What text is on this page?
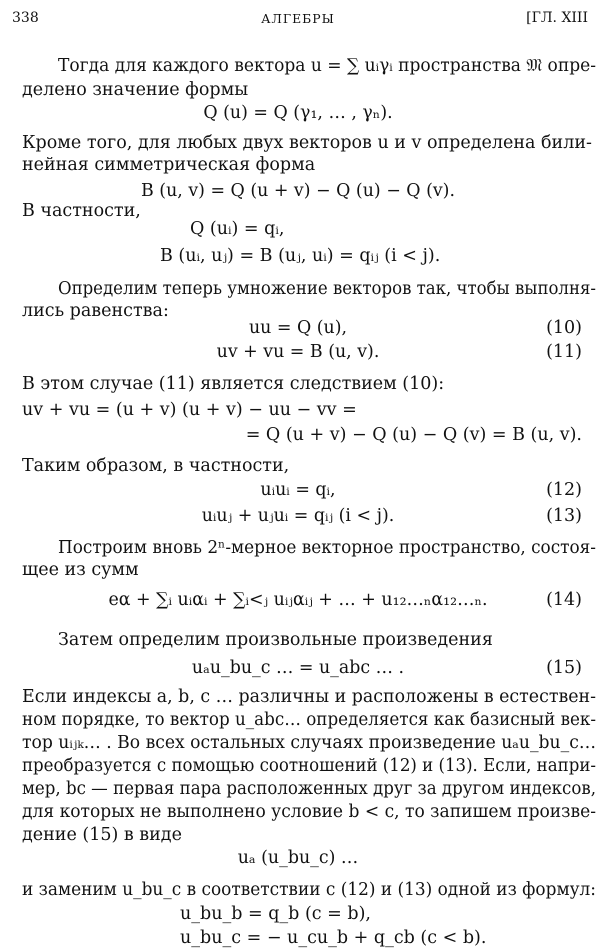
338	АЛГЕБРЫ	[ГЛ. XIII
Тогда для каждого вектора u = ∑ uᵢγᵢ пространства 𝔐 опре-
делено значение формы
Q (u) = Q (γ₁, … , γₙ).
Кроме того, для любых двух векторов u и v определена били-
нейная симметрическая форма
B (u, v) = Q (u + v) − Q (u) − Q (v).
В частности,
Q (uᵢ) = qᵢ,
B (uᵢ, uⱼ) = B (uⱼ, uᵢ) = qᵢⱼ (i < j).
Определим теперь умножение векторов так, чтобы выполня-
лись равенства:
uu = Q (u),	(10)
uv + vu = B (u, v).	(11)
В этом случае (11) является следствием (10):
uv + vu = (u + v) (u + v) − uu − vv =
= Q (u + v) − Q (u) − Q (v) = B (u, v).
Таким образом, в частности,
uᵢuᵢ = qᵢ,	(12)
uᵢuⱼ + uⱼuᵢ = qᵢⱼ (i < j).	(13)
Построим вновь 2ⁿ-мерное векторное пространство, состоя-
щее из сумм
eα + ∑ᵢ uᵢαᵢ + ∑ᵢ<ⱼ uᵢⱼαᵢⱼ + … + u₁₂…ₙα₁₂…ₙ.	(14)
Затем определим произвольные произведения
uₐu_bu_c … = u_abc … .	(15)
Если индексы a, b, c … различны и расположены в естествен-
ном порядке, то вектор u_abc… определяется как базисный век-
тор uᵢⱼₖ… . Во всех остальных случаях произведение uₐu_bu_c…
преобразуется с помощью соотношений (12) и (13). Если, напри-
мер, bc — первая пара расположенных друг за другом индексов,
для которых не выполнено условие b < c, то запишем произве-
дение (15) в виде
uₐ (u_bu_c) …
и заменим u_bu_c в соответствии с (12) и (13) одной из формул:
u_bu_b = q_b (c = b),
u_bu_c = − u_cu_b + q_cb (c < b).
